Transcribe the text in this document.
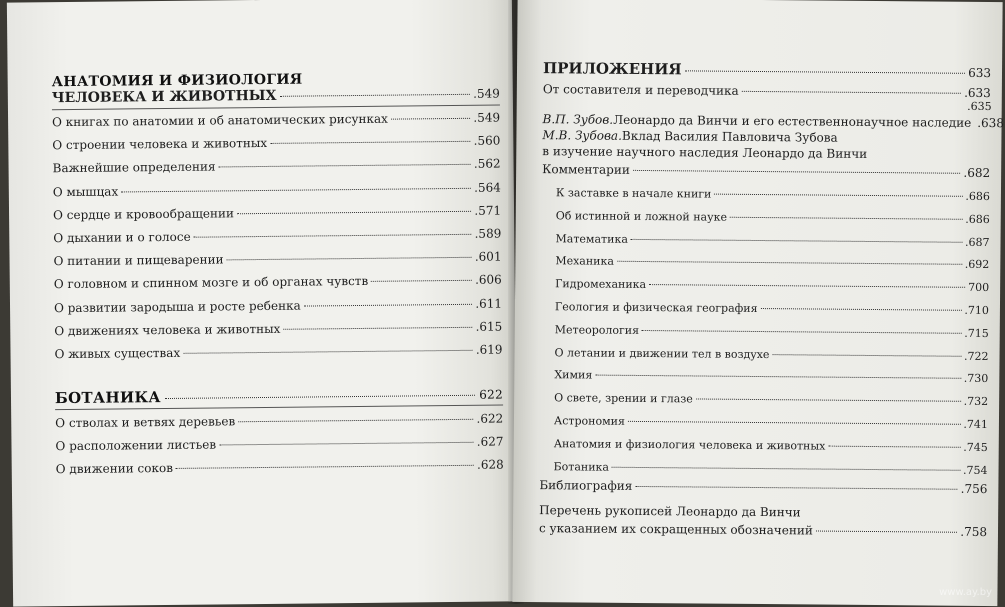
АНАТОМИЯ И ФИЗИОЛОГИЯ
ЧЕЛОВЕКА И ЖИВОТНЫХ	.549
О книгах по анатомии и об анатомических рисунках	.549
О строении человека и животных	.560
Важнейшие определения	.562
О мышцах	.564
О сердце и кровообращении	.571
О дыхании и о голосе	.589
О питании и пищеварении	.601
О головном и спинном мозге и об органах чувств	.606
О развитии зародыша и росте ребенка	.611
О движениях человека и животных	.615
О живых существах	.619
БОТАНИКА	622
О стволах и ветвях деревьев	.622
О расположении листьев	.627
О движении соков	.628
ПРИЛОЖЕНИЯ	633
От составителя и переводчика	.633
.635
В.П. Зубов. Леонардо да Винчи и его естественнонаучное наследие .638
М.В. Зубова. Вклад Василия Павловича Зубова
в изучение научного наследия Леонардо да Винчи
Комментарии	.682
К заставке в начале книги	.686
Об истинной и ложной науке	.686
Математика	.687
Механика	.692
Гидромеханика	700
Геология и физическая география	.710
Метеорология	.715
О летании и движении тел в воздухе	.722
Химия	.730
О свете, зрении и глазе	.732
Астрономия	.741
Анатомия и физиология человека и животных	.745
Ботаника	.754
Библиография	.756
Перечень рукописей Леонардо да Винчи
с указанием их сокращенных обозначений	.758
www.ay.by
